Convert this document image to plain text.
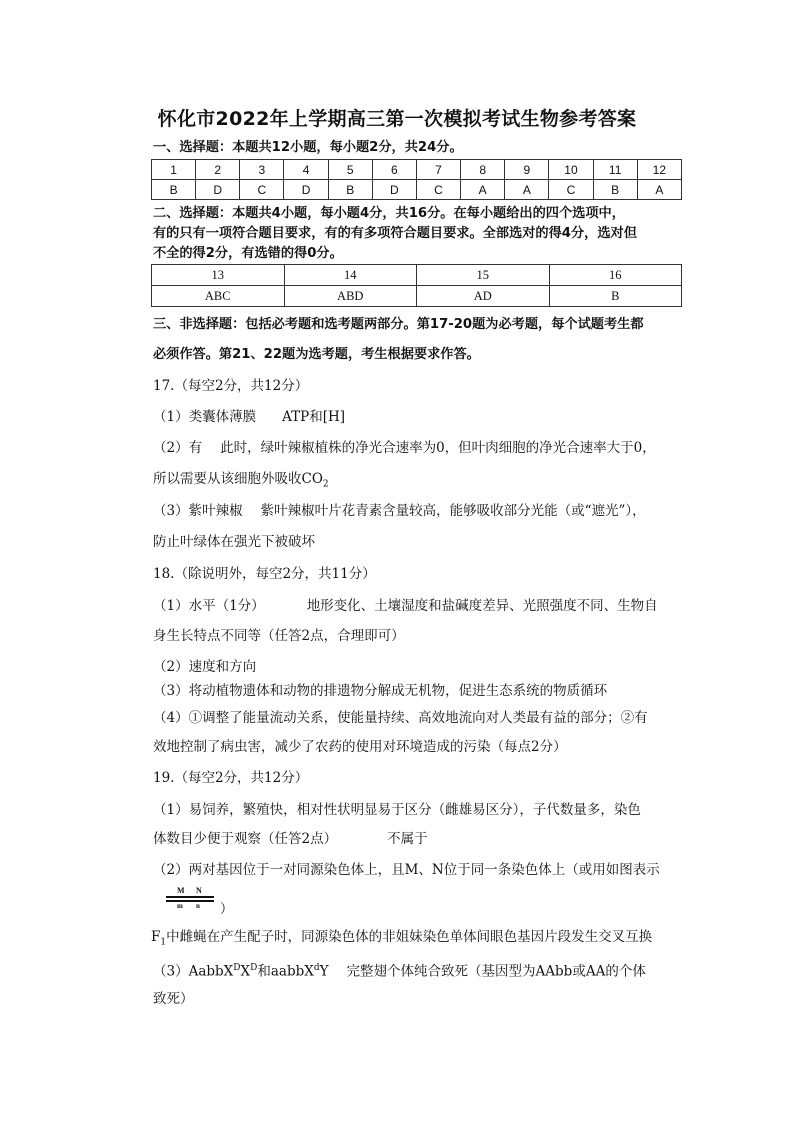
怀化市2022年上学期高三第一次模拟考试生物参考答案
一、选择题：本题共12小题，每小题2分，共24分。
1	2	3	4	5	6	7	8	9	10	11	12
B	D	C	D	B	D	C	A	A	C	B	A
二、选择题：本题共4小题，每小题4分，共16分。在每小题给出的四个选项中，
有的只有一项符合题目要求，有的有多项符合题目要求。全部选对的得4分，选对但
不全的得2分，有选错的得0分。
13	14	15	16
ABC	ABD	AD	B
三、非选择题：包括必考题和选考题两部分。第17-20题为必考题，每个试题考生都
必须作答。第21、22题为选考题，考生根据要求作答。
17.（每空2分，共12分）
（1）类囊体薄膜 ATP和[H]
（2）有 此时，绿叶辣椒植株的净光合速率为0，但叶肉细胞的净光合速率大于0，
所以需要从该细胞外吸收$CO_2$
（3）紫叶辣椒 紫叶辣椒叶片花青素含量较高，能够吸收部分光能（或“遮光”），
防止叶绿体在强光下被破坏
18.（除说明外，每空2分，共11分）
（1）水平（1分）	地形变化、土壤湿度和盐碱度差异、光照强度不同、生物自
身生长特点不同等（任答2点，合理即可）
（2）速度和方向
（3）将动植物遗体和动物的排遗物分解成无机物，促进生态系统的物质循环
（4）①调整了能量流动关系，使能量持续、高效地流向对人类最有益的部分；②有
效地控制了病虫害，减少了农药的使用对环境造成的污染（每点2分）
19.（每空2分，共12分）
（1）易饲养，繁殖快，相对性状明显易于区分（雌雄易区分），子代数量多，染色
体数目少便于观察（任答2点）	不属于
（2）两对基因位于一对同源染色体上，且M、N位于同一条染色体上（或用如图表示
M N
m n ）
$F_1$中雌蝇在产生配子时，同源染色体的非姐妹染色单体间眼色基因片段发生交叉互换
$(3)AabbX^DX^D$和aabbX$^d$Y 完整翅个体纯合致死（基因型为AAbb或AA的个体
致死）
